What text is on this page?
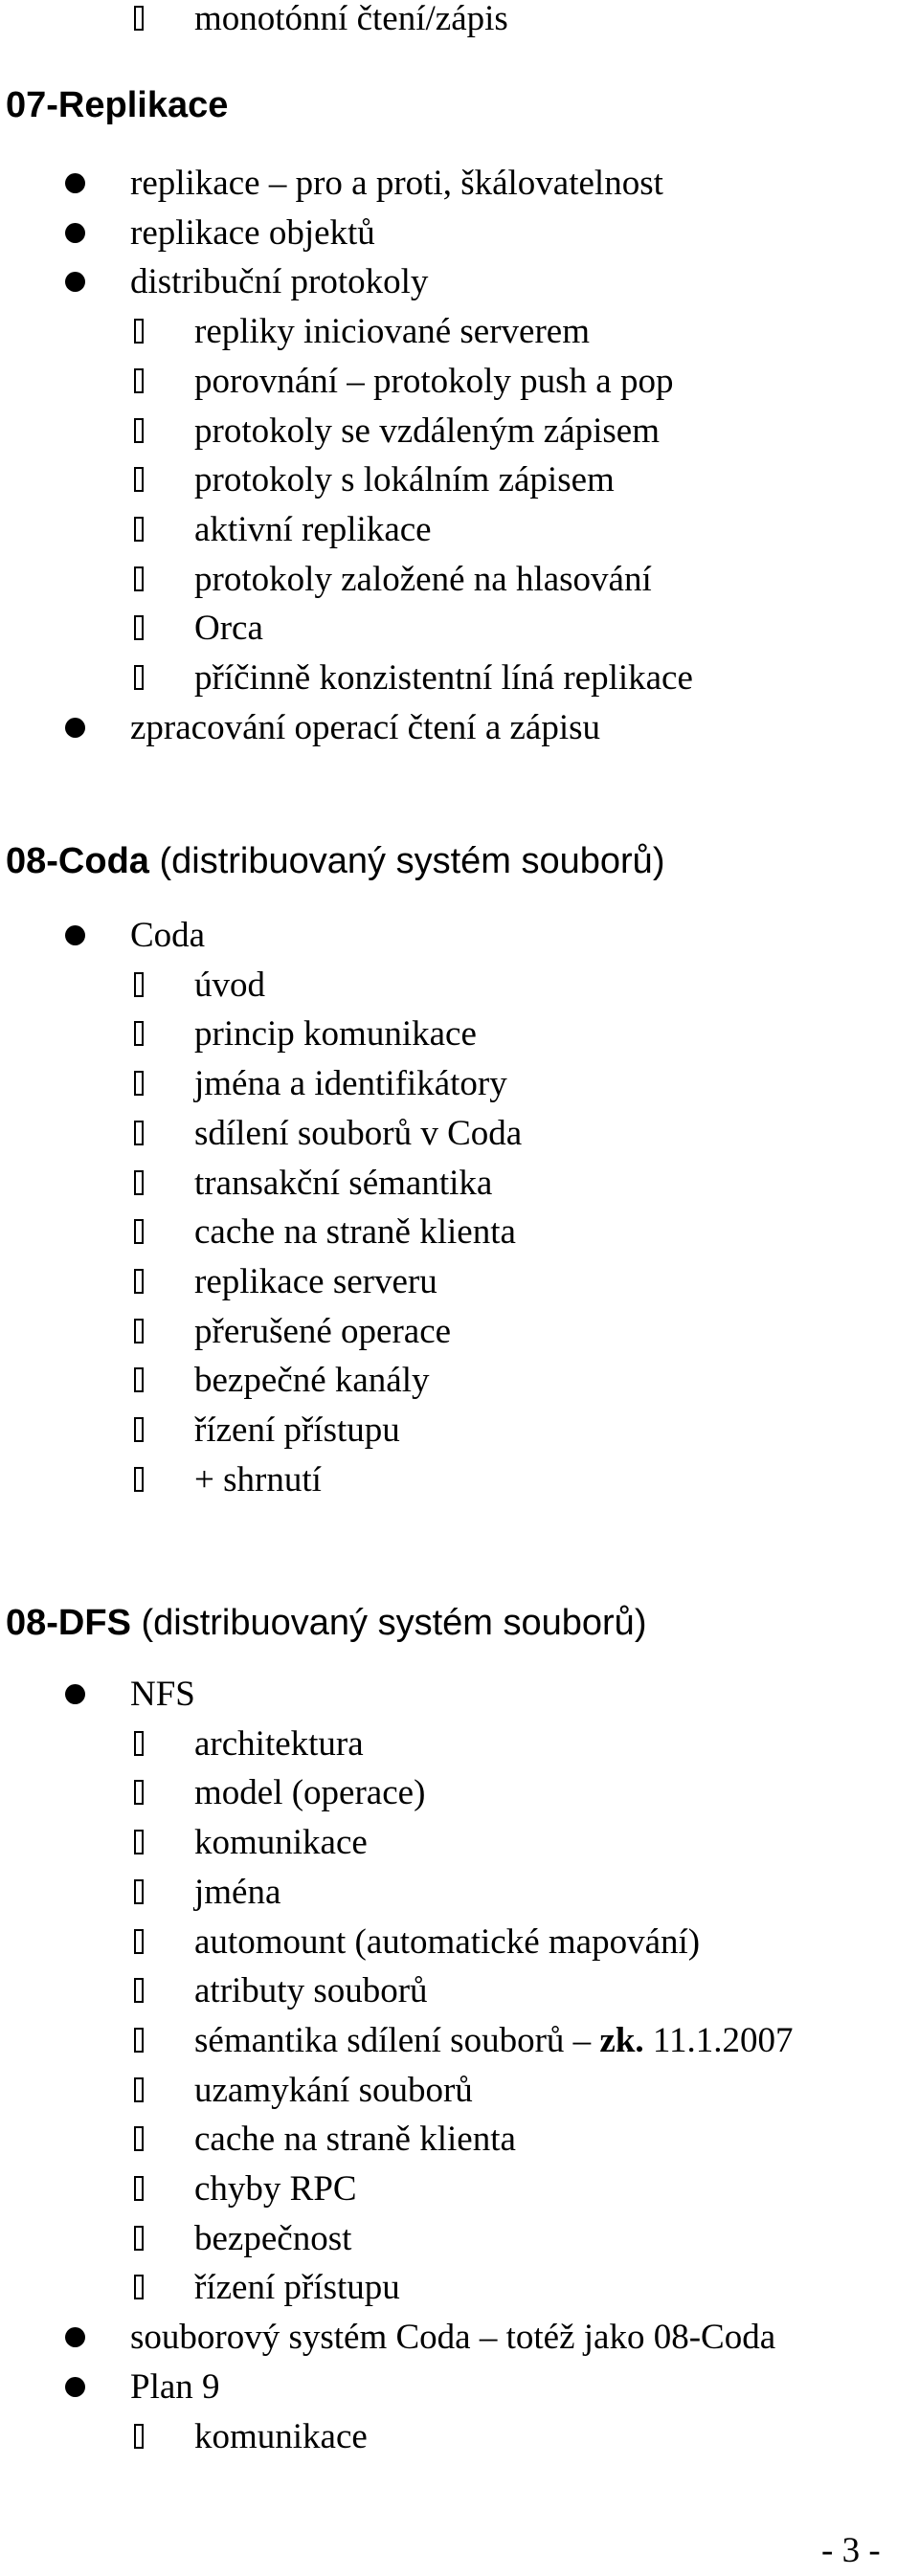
monotónní čtení/zápis
07-Replikace
replikace – pro a proti, škálovatelnost
replikace objektů
distribuční protokoly
repliky iniciované serverem
porovnání – protokoly push a pop
protokoly se vzdáleným zápisem
protokoly s lokálním zápisem
aktivní replikace
protokoly založené na hlasování
Orca
příčinně konzistentní líná replikace
zpracování operací čtení a zápisu
08-Coda (distribuovaný systém souborů)
Coda
úvod
princip komunikace
jména a identifikátory
sdílení souborů v Coda
transakční sémantika
cache na straně klienta
replikace serveru
přerušené operace
bezpečné kanály
řízení přístupu
+ shrnutí
08-DFS (distribuovaný systém souborů)
NFS
architektura
model (operace)
komunikace
jména
automount (automatické mapování)
atributy souborů
sémantika sdílení souborů – zk. 11.1.2007
uzamykání souborů
cache na straně klienta
chyby RPC
bezpečnost
řízení přístupu
souborový systém Coda – totéž jako 08-Coda
Plan 9
komunikace
- 3 -
